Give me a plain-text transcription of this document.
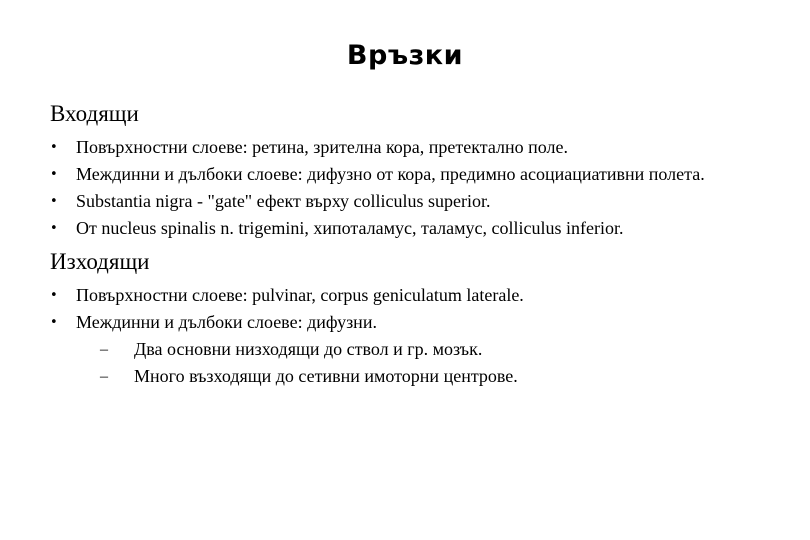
Връзки
Входящи
• Повърхностни слоеве: ретина, зрителна кора, претектално поле.
• Междинни и дълбоки слоеве: дифузно от кора, предимно асоциациативни полета.
• Substantia nigra - "gate" ефект върху colliculus superior.
• От nucleus spinalis n. trigemini, хипоталамус, таламус, colliculus inferior.
Изходящи
• Повърхностни слоеве: pulvinar, corpus geniculatum laterale.
• Междинни и дълбоки слоеве: дифузни.
– Два основни низходящи до ствол и гр. мозък.
– Много възходящи до сетивни имоторни центрове.
